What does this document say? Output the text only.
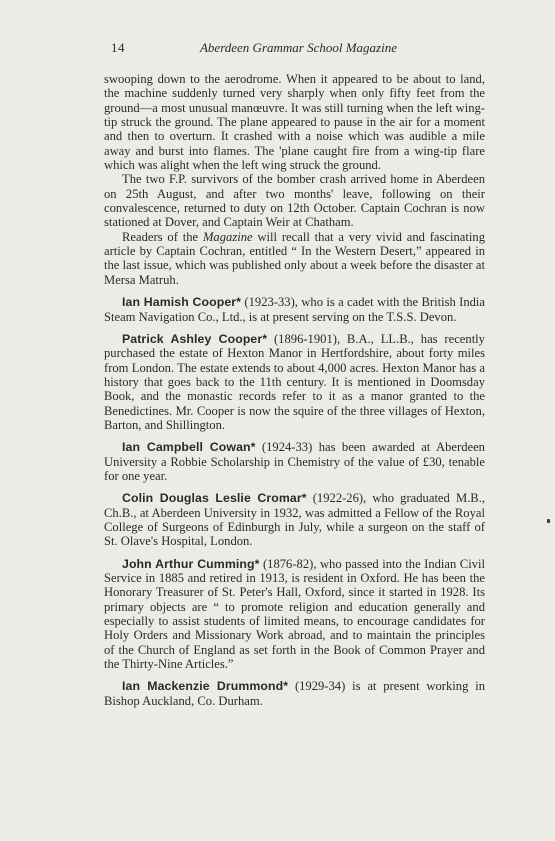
14	Aberdeen Grammar School Magazine

swooping down to the aerodrome. When it appeared to be about to land, the machine suddenly turned very sharply when only fifty feet from the ground—a most unusual manœuvre. It was still turning when the left wing-tip struck the ground. The plane appeared to pause in the air for a moment and then to overturn. It crashed with a noise which was audible a mile away and burst into flames. The 'plane caught fire from a wing-tip flare which was alight when the left wing struck the ground.

The two F.P. survivors of the bomber crash arrived home in Aberdeen on 25th August, and after two months' leave, following on their convalescence, returned to duty on 12th October. Captain Cochran is now stationed at Dover, and Captain Weir at Chatham.

Readers of the Magazine will recall that a very vivid and fascinating article by Captain Cochran, entitled “ In the Western Desert,” appeared in the last issue, which was published only about a week before the disaster at Mersa Matruh.

Ian Hamish Cooper* (1923-33), who is a cadet with the British India Steam Navigation Co., Ltd., is at present serving on the T.S.S. Devon.

Patrick Ashley Cooper* (1896-1901), B.A., LL.B., has recently purchased the estate of Hexton Manor in Hertfordshire, about forty miles from London. The estate extends to about 4,000 acres. Hexton Manor has a history that goes back to the 11th century. It is mentioned in Doomsday Book, and the monastic records refer to it as a manor granted to the Benedictines. Mr. Cooper is now the squire of the three villages of Hexton, Barton, and Shillington.

Ian Campbell Cowan* (1924-33) has been awarded at Aberdeen University a Robbie Scholarship in Chemistry of the value of £30, tenable for one year.

Colin Douglas Leslie Cromar* (1922-26), who graduated M.B., Ch.B., at Aberdeen University in 1932, was admitted a Fellow of the Royal College of Surgeons of Edinburgh in July, while a surgeon on the staff of St. Olave's Hospital, London.

John Arthur Cumming* (1876-82), who passed into the Indian Civil Service in 1885 and retired in 1913, is resident in Oxford. He has been the Honorary Treasurer of St. Peter's Hall, Oxford, since it started in 1928. Its primary objects are “ to promote religion and education generally and especially to assist students of limited means, to encourage candidates for Holy Orders and Missionary Work abroad, and to maintain the principles of the Church of England as set forth in the Book of Common Prayer and the Thirty-Nine Articles.”

Ian Mackenzie Drummond* (1929-34) is at present working in Bishop Auckland, Co. Durham.
